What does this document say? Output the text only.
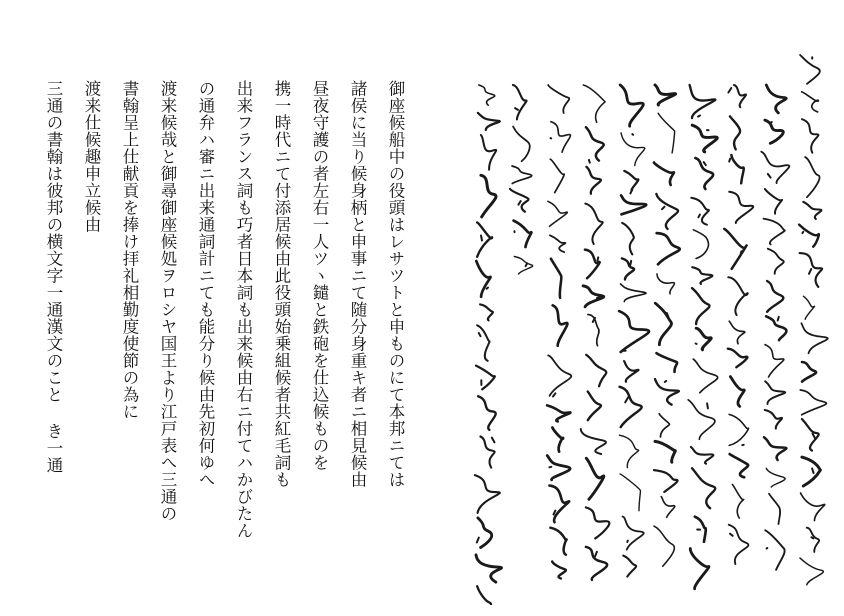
御座候船中の役頭はレサツトと申ものにて本邦ニては
諸侯に当り候身柄と申事ニて随分身重キ者ニ相見候由
昼夜守護の者左右一人ツヽ鑓と鉄砲を仕込候ものを
携一時代ニて付添居候由此役頭始乗組候者共紅毛詞も
出来フランス詞も巧者日本詞も出来候由右ニ付てハかびたん
の通弁ハ審ニ出来通詞計ニても能分り候由先初何ゆへ
渡来候哉と御尋御座候処ヲロシヤ国王より江戸表へ三通の
書翰呈上仕献貢を捧け拝礼相勤度使節の為に
渡来仕候趣申立候由
三通の書翰は彼邦の横文字一通漢文のこと き一通
